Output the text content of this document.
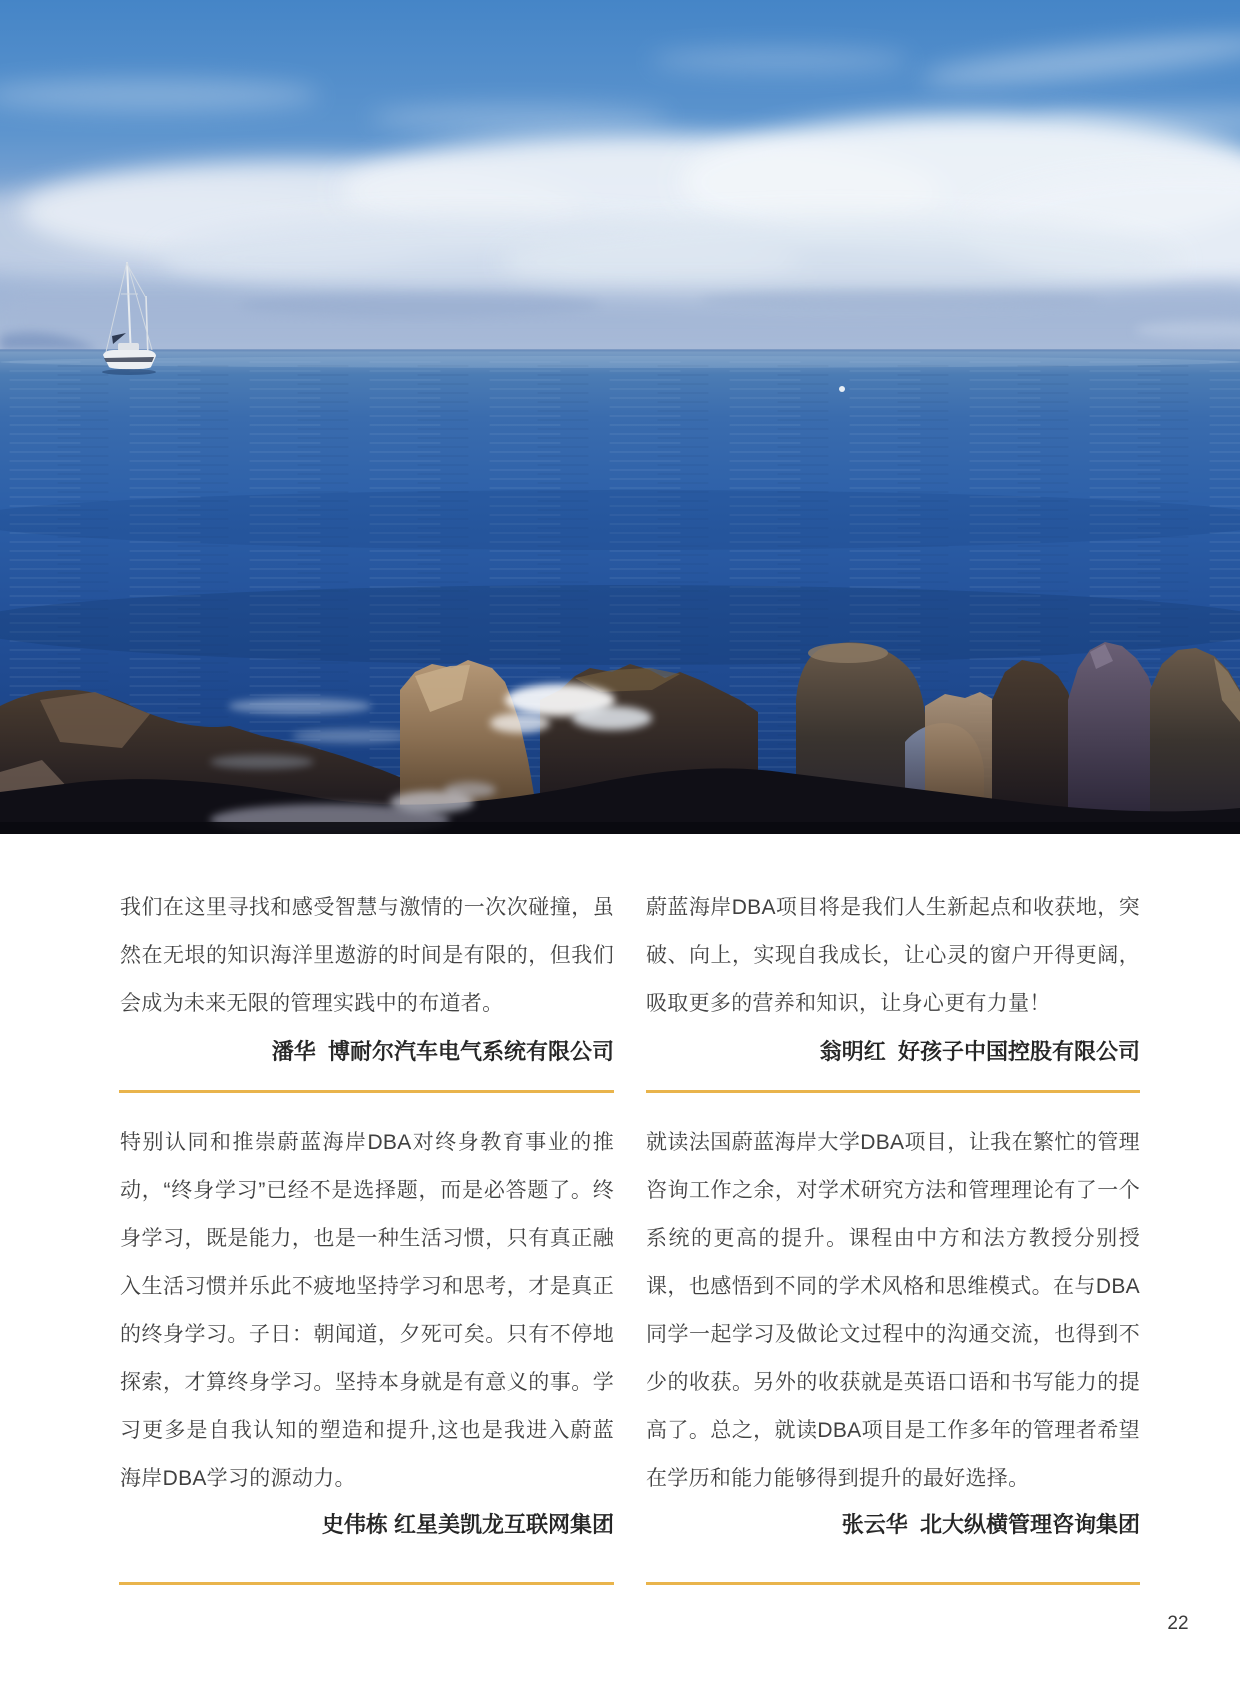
我们在这里寻找和感受智慧与激情的一次次碰撞，虽然在无垠的知识海洋里遨游的时间是有限的，但我们会成为未来无限的管理实践中的布道者。

潘华  博耐尔汽车电气系统有限公司

特别认同和推崇蔚蓝海岸DBA对终身教育事业的推动，“终身学习”已经不是选择题，而是必答题了。终身学习，既是能力，也是一种生活习惯，只有真正融入生活习惯并乐此不疲地坚持学习和思考，才是真正的终身学习。子日：朝闻道，夕死可矣。只有不停地探索，才算终身学习。坚持本身就是有意义的事。学习更多是自我认知的塑造和提升,这也是我进入蔚蓝海岸DBA学习的源动力。

史伟栋 红星美凯龙互联网集团

蔚蓝海岸DBA项目将是我们人生新起点和收获地，突破、向上，实现自我成长，让心灵的窗户开得更阔，吸取更多的营养和知识，让身心更有力量！

翁明红  好孩子中国控股有限公司

就读法国蔚蓝海岸大学DBA项目，让我在繁忙的管理咨询工作之余，对学术研究方法和管理理论有了一个系统的更高的提升。课程由中方和法方教授分别授课，也感悟到不同的学术风格和思维模式。在与DBA同学一起学习及做论文过程中的沟通交流，也得到不少的收获。另外的收获就是英语口语和书写能力的提高了。总之，就读DBA项目是工作多年的管理者希望在学历和能力能够得到提升的最好选择。

张云华  北大纵横管理咨询集团

22
